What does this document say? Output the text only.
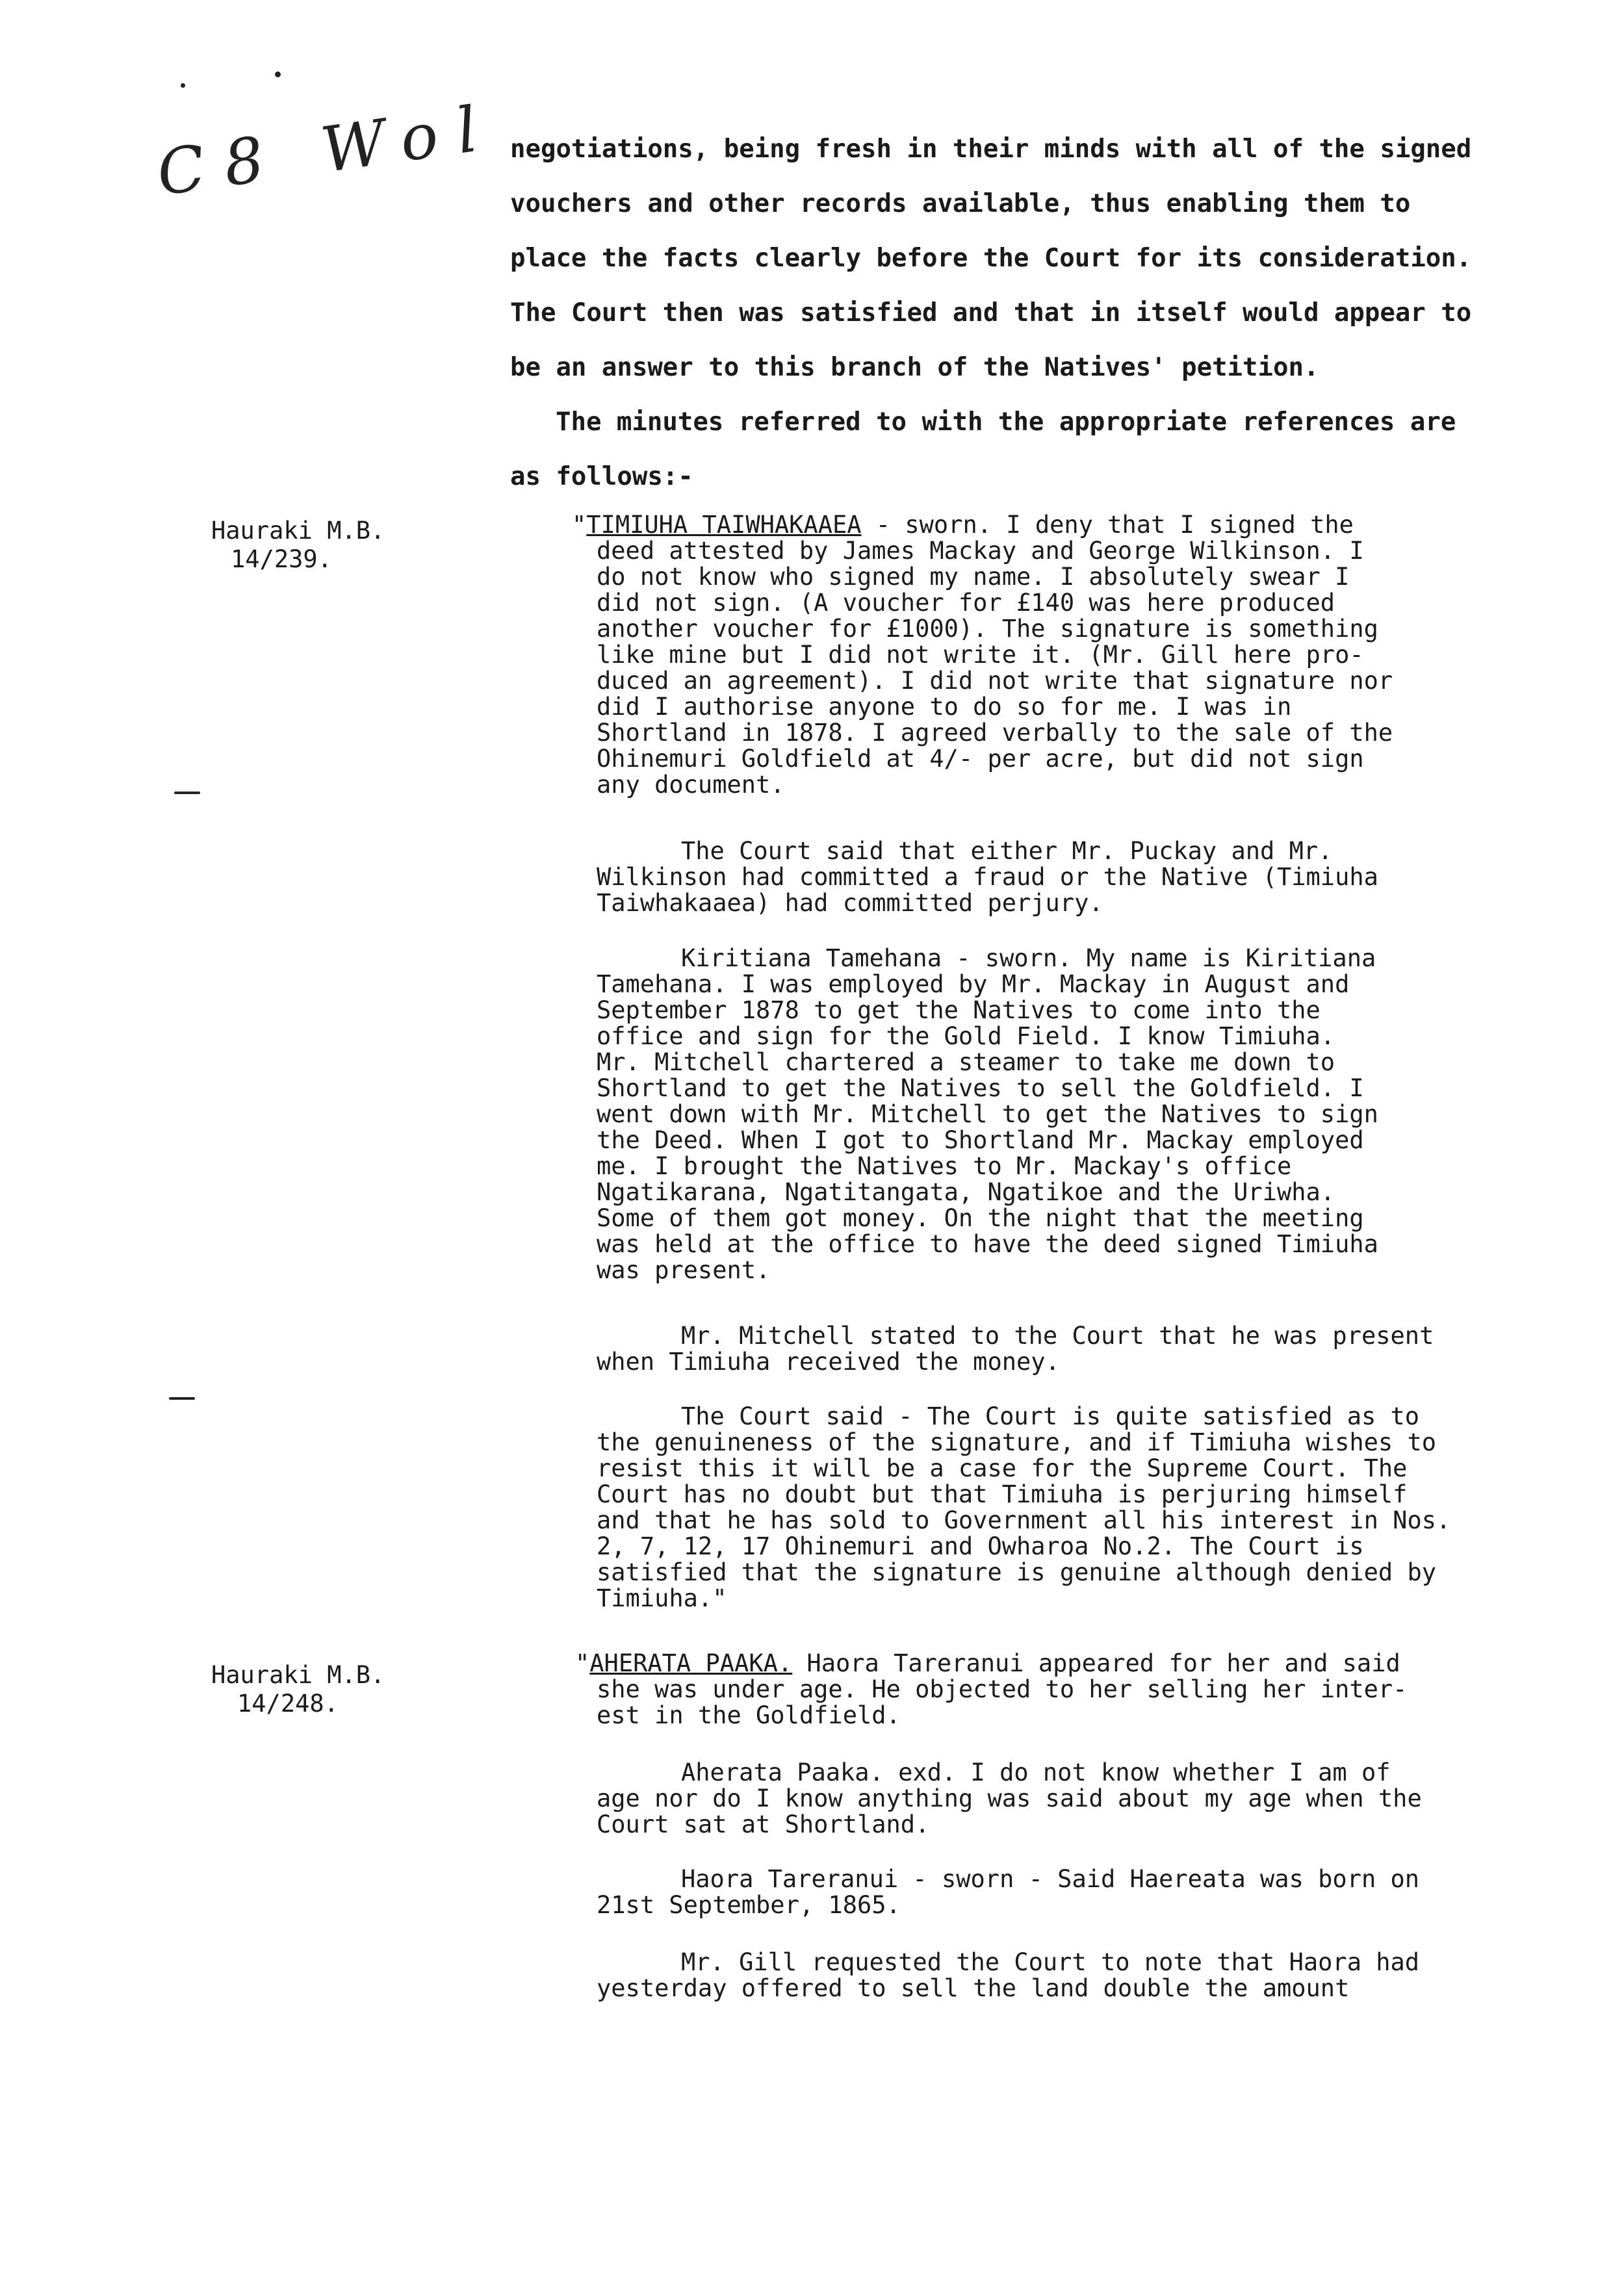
C8 Wol negotiations, being fresh in their minds with all of the signed

vouchers and other records available, thus enabling them to

place the facts clearly before the Court for its consideration.

The Court then was satisfied and that in itself would appear to

be an answer to this branch of the Natives' petition.

The minutes referred to with the appropriate references are

as follows:-

Hauraki M.B.
14/239.
Hauraki M.B.
14/248.

"TIMIUHA TAIWHAKAAEA - sworn. I deny that I signed the

deed attested by James Mackay and George Wilkinson. I

do not know who signed my name. I absolutely swear I

did not sign. (A voucher for £140 was here produced

another voucher for £1000). The signature is something

like mine but I did not write it. (Mr. Gill here pro-

duced an agreement). I did not write that signature nor

did I authorise anyone to do so for me. I was in

Shortland in 1878. I agreed verbally to the sale of the

Ohinemuri Goldfield at 4/- per acre, but did not sign

any document.

The Court said that either Mr. Puckay and Mr.

Wilkinson had committed a fraud or the Native (Timiuha

Taiwhakaaea) had committed perjury.

Kiritiana Tamehana - sworn. My name is Kiritiana

Tamehana. I was employed by Mr. Mackay in August and

September 1878 to get the Natives to come into the

office and sign for the Gold Field. I know Timiuha.

Mr. Mitchell chartered a steamer to take me down to

Shortland to get the Natives to sell the Goldfield. I

went down with Mr. Mitchell to get the Natives to sign

the Deed. When I got to Shortland Mr. Mackay employed

me. I brought the Natives to Mr. Mackay's office

Ngatikarana, Ngatitangata, Ngatikoe and the Uriwha.

Some of them got money. On the night that the meeting

was held at the office to have the deed signed Timiuha

was present.

Mr. Mitchell stated to the Court that he was present

when Timiuha received the money.

The Court said - The Court is quite satisfied as to

the genuineness of the signature, and if Timiuha wishes to

resist this it will be a case for the Supreme Court. The

Court has no doubt but that Timiuha is perjuring himself

and that he has sold to Government all his interest in Nos.

2, 7, 12, 17 Ohinemuri and Owharoa No.2. The Court is

satisfied that the signature is genuine although denied by

Timiuha."

"AHERATA PAAKA. Haora Tareranui appeared for her and said

she was under age. He objected to her selling her inter-

est in the Goldfield.

Aherata Paaka. exd. I do not know whether I am of

age nor do I know anything was said about my age when the

Court sat at Shortland.

Haora Tareranui - sworn - Said Haereata was born on

21st September, 1865.

Mr. Gill requested the Court to note that Haora had

yesterday offered to sell the land double the amount
